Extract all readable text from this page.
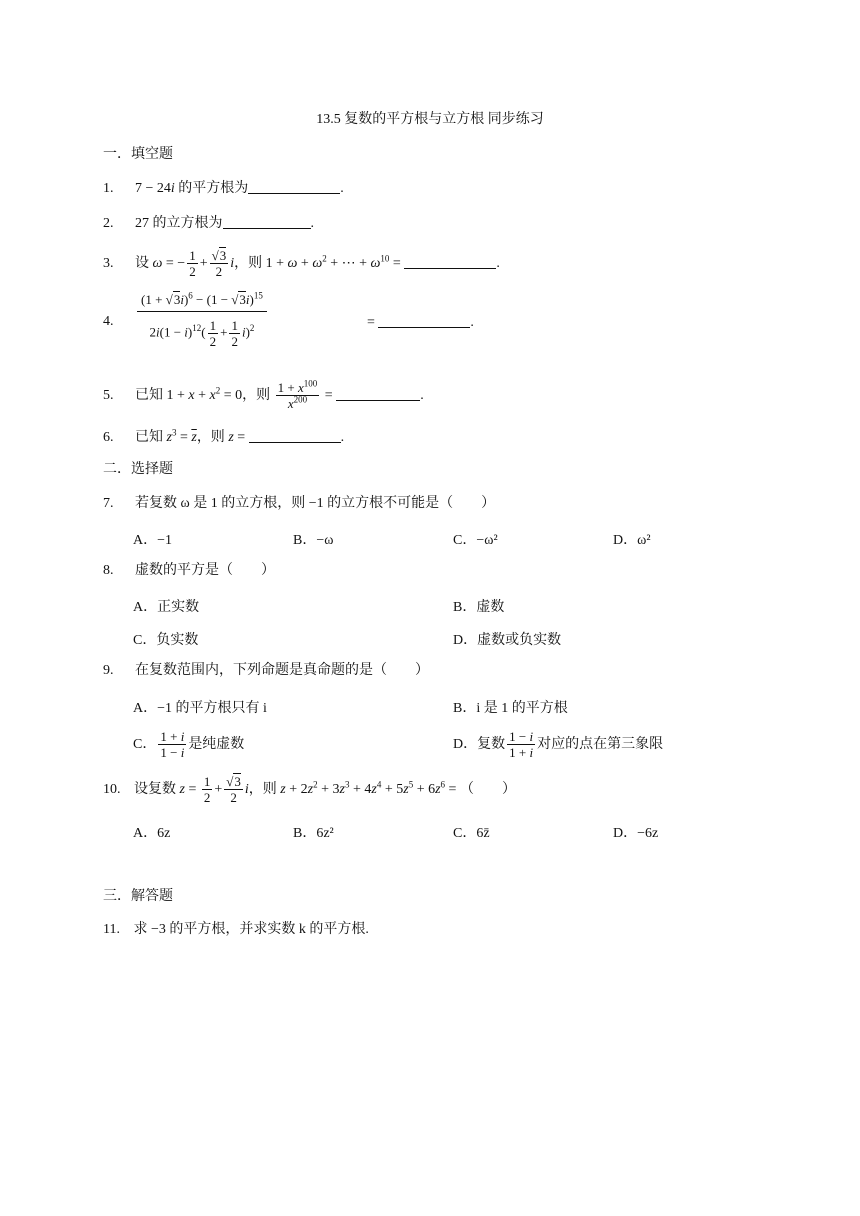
13.5 复数的平方根与立方根 同步练习
一．填空题
1. 7 − 24i 的平方根为	.
2. 27 的立方根为	.
3. 设 ω = − $\frac{1}{2} + \frac{√3}{2}$ i，则 $1 + \omega + \omega^2$ + ⋯ + $\omega^{10}$ =	.
4. $\frac{(1 + √3i)^6 - (1 - √3i)^{15}}{2i(1 - i)^{12}( \frac{1}{2} + \frac{1}{2} i)^2}$	=	.
5. 已知 $1 + x + x^2 = 0$，则 $\frac{1 + x^{100}}{x^{200}}$ =	.
6. 已知 $z^3 = \overline{z}$，则 z =	.
二．选择题
7. 若复数 ω 是 1 的立方根，则 −1 的立方根不可能是（　　）
A．−1	B．−ω	C．−ω²	D．ω²
8. 虚数的平方是（　　）
A．正实数	B．虚数
C．负实数	D．虚数或负实数
9. 在复数范围内，下列命题是真命题的是（　　）
A．−1 的平方根只有 i	B．i 是 1 的平方根
C． $\frac{1 + i}{1 - i}$ 是纯虚数	D．复数 $\frac{1 - i}{1 + i}$ 对应的点在第三象限
10. 设复数 $z = \frac{1}{2} + \frac{√3}{2}$ i，则 $z + 2z^2 + 3z^3 + 4z^4 + 5z^5 + 6z^6$ = （　　）
A．6z	B．6z²	C．6z̄	D．−6z
三．解答题
11. 求 −3 的平方根，并求实数 k 的平方根.
